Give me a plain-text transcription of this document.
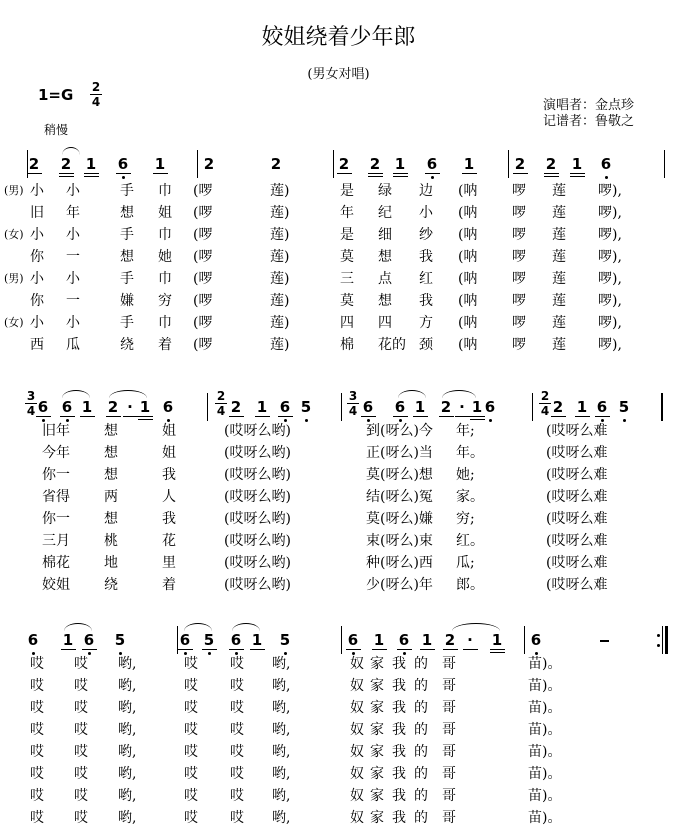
姣姐绕着少年郎
(男女对唱)
1=G 2
4
稍慢
演唱者：金点珍
记谱者：鲁敬之
2 2 1 6 1	2	2	2 2 1 6 1	2 2 1 6
(男) 小 小	手 巾 (啰	莲)	是 绿 边 (呐 啰 莲 啰),
旧 年	想 姐 (啰	莲)	年 纪 小 (呐 啰 莲 啰),
(女) 小 小	手 巾 (啰	莲)	是 细 纱 (呐 啰 莲 啰),
你 一	想 她 (啰	莲)	莫 想 我 (呐 啰 莲 啰),
(男) 小 小	手 巾 (啰	莲)	三 点 红 (呐 啰 莲 啰),
你 一	嫌 穷 (啰	莲)	莫 想 我 (呐 啰 莲 啰),
(女) 小 小	手 巾 (啰	莲)	四 四 方 (呐 啰 莲 啰),
西 瓜	绕 着 (啰	莲)	棉 花的 颈 (呐 啰 莲 啰),
3
4
2
4
3
4
2
4
6 6 1 2 · 1 6	2 1 6 5	6 6 1 2 · 1 6	2 1 6 5
旧年 想	姐	(哎呀么哟)	到(呀么)今 年;	(哎呀么难
今年 想	姐	(哎呀么哟)	正(呀么)当 年。	(哎呀么难
你一 想	我	(哎呀么哟)	莫(呀么)想 她;	(哎呀么难
省得 两	人	(哎呀么哟)	结(呀么)冤 家。	(哎呀么难
你一 想	我	(哎呀么哟)	莫(呀么)嫌 穷;	(哎呀么难
三月 桃	花	(哎呀么哟)	束(呀么)束 红。	(哎呀么难
棉花 地	里	(哎呀么哟)	种(呀么)西 瓜;	(哎呀么难
姣姐 绕	着	(哎呀么哟)	少(呀么)年 郎。	(哎呀么难
6 1 6 5	6 5 6 1 5	6 1 6 1 2 ·	1 6
哎 哎 哟,	哎 哎 哟,	奴 家 我 的 哥	苗)。
哎 哎 哟,	哎 哎 哟,	奴 家 我 的 哥	苗)。
哎 哎 哟,	哎 哎 哟,	奴 家 我 的 哥	苗)。
哎 哎 哟,	哎 哎 哟,	奴 家 我 的 哥	苗)。
哎 哎 哟,	哎 哎 哟,	奴 家 我 的 哥	苗)。
哎 哎 哟,	哎 哎 哟,	奴 家 我 的 哥	苗)。
哎 哎 哟,	哎 哎 哟,	奴 家 我 的 哥	苗)。
哎 哎 哟,	哎 哎 哟,	奴 家 我 的 哥	苗)。
